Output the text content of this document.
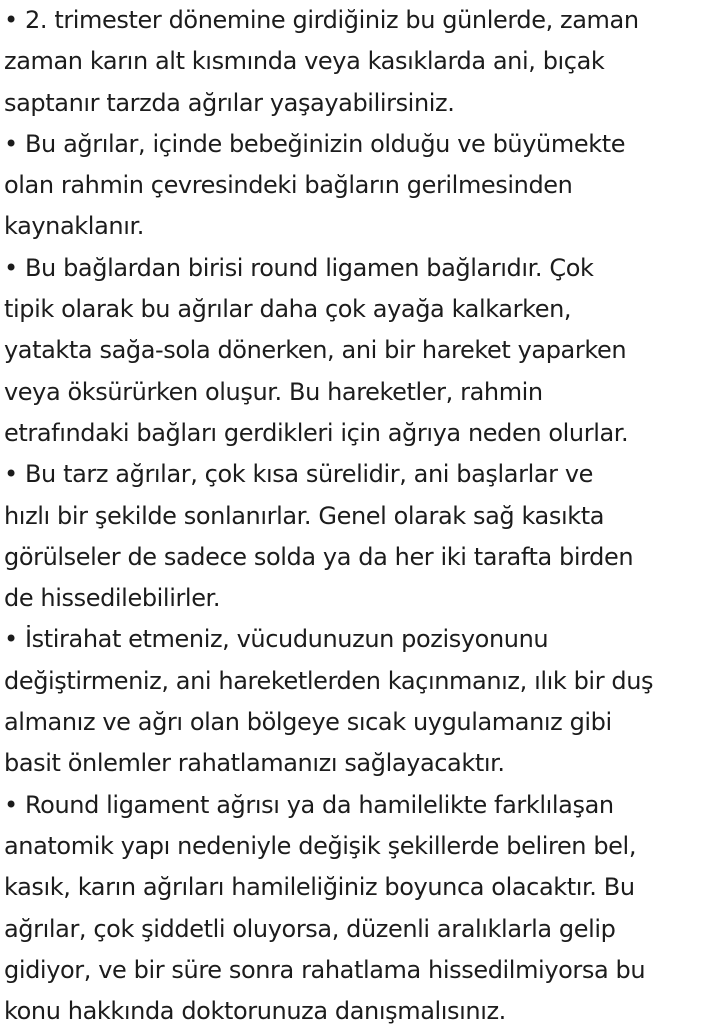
• 2. trimester dönemine girdiğiniz bu günlerde, zaman
zaman karın alt kısmında veya kasıklarda ani, bıçak
saptanır tarzda ağrılar yaşayabilirsiniz.
• Bu ağrılar, içinde bebeğinizin olduğu ve büyümekte
olan rahmin çevresindeki bağların gerilmesinden
kaynaklanır.
• Bu bağlardan birisi round ligamen bağlarıdır. Çok
tipik olarak bu ağrılar daha çok ayağa kalkarken,
yatakta sağa-sola dönerken, ani bir hareket yaparken
veya öksürürken oluşur. Bu hareketler, rahmin
etrafındaki bağları gerdikleri için ağrıya neden olurlar.
• Bu tarz ağrılar, çok kısa sürelidir, ani başlarlar ve
hızlı bir şekilde sonlanırlar. Genel olarak sağ kasıkta
görülseler de sadece solda ya da her iki tarafta birden
de hissedilebilirler.
• İstirahat etmeniz, vücudunuzun pozisyonunu
değiştirmeniz, ani hareketlerden kaçınmanız, ılık bir duş
almanız ve ağrı olan bölgeye sıcak uygulamanız gibi
basit önlemler rahatlamanızı sağlayacaktır.
• Round ligament ağrısı ya da hamilelikte farklılaşan
anatomik yapı nedeniyle değişik şekillerde beliren bel,
kasık, karın ağrıları hamileliğiniz boyunca olacaktır. Bu
ağrılar, çok şiddetli oluyorsa, düzenli aralıklarla gelip
gidiyor, ve bir süre sonra rahatlama hissedilmiyorsa bu
konu hakkında doktorunuza danışmalısınız.
